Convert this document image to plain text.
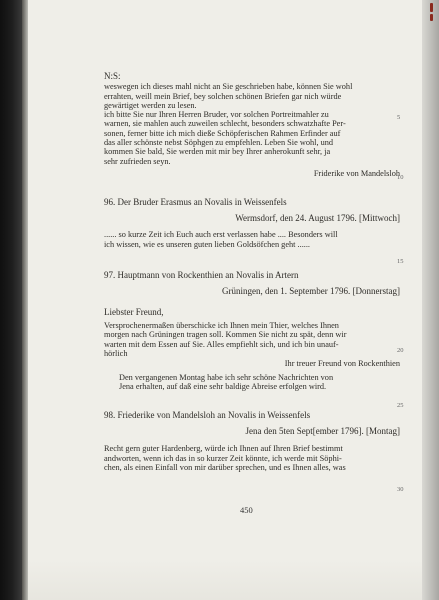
N:S:

weswegen ich dieses mahl nicht an Sie geschrieben habe, können Sie wohl

errahten, weill mein Brief, bey solchen schönen Briefen gar nich würde

gewärtiget werden zu lesen.

ich bitte Sie nur Ihren Herren Bruder, vor solchen Portreitmahler zu

warnen, sie mahlen auch zuweilen schlecht, besonders schwatzhafte Per-

sonen, ferner bitte ich mich dieße Schöpferischen Rahmen Erfinder auf

das aller schönste nebst Söphgen zu empfehlen. Leben Sie wohl, und

kommen Sie bald, Sie werden mit mir bey Ihrer anherokunft sehr, ja

sehr zufrieden seyn.

Friderike von Mandelsloh

96. Der Bruder Erasmus an Novalis in Weissenfels

Wermsdorf, den 24. August 1796. [Mittwoch]

...... so kurze Zeit ich Euch auch erst verlassen habe .... Besonders will

ich wissen, wie es unseren guten lieben Goldsöfchen geht ......

97. Hauptmann von Rockenthien an Novalis in Artern

Grüningen, den 1. September 1796. [Donnerstag]

Liebster Freund,

Versprochenermaßen überschicke ich Ihnen mein Thier, welches Ihnen

morgen nach Grüningen tragen soll. Kommen Sie nicht zu spät, denn wir

warten mit dem Essen auf Sie. Alles empfiehlt sich, und ich bin unauf-

hörlich

Ihr treuer Freund von Rockenthien

Den vergangenen Montag habe ich sehr schöne Nachrichten von

Jena erhalten, auf daß eine sehr baldige Abreise erfolgen wird.

98. Friederike von Mandelsloh an Novalis in Weissenfels

Jena den 5ten Sept[ember 1796]. [Montag]

Recht gern guter Hardenberg, würde ich Ihnen auf Ihren Brief bestimmt

andworten, wenn ich das in so kurzer Zeit könnte, ich werde mit Söphi-

chen, als einen Einfall von mir darüber sprechen, und es Ihnen alles, was

5
10
15
20
25
30
450
